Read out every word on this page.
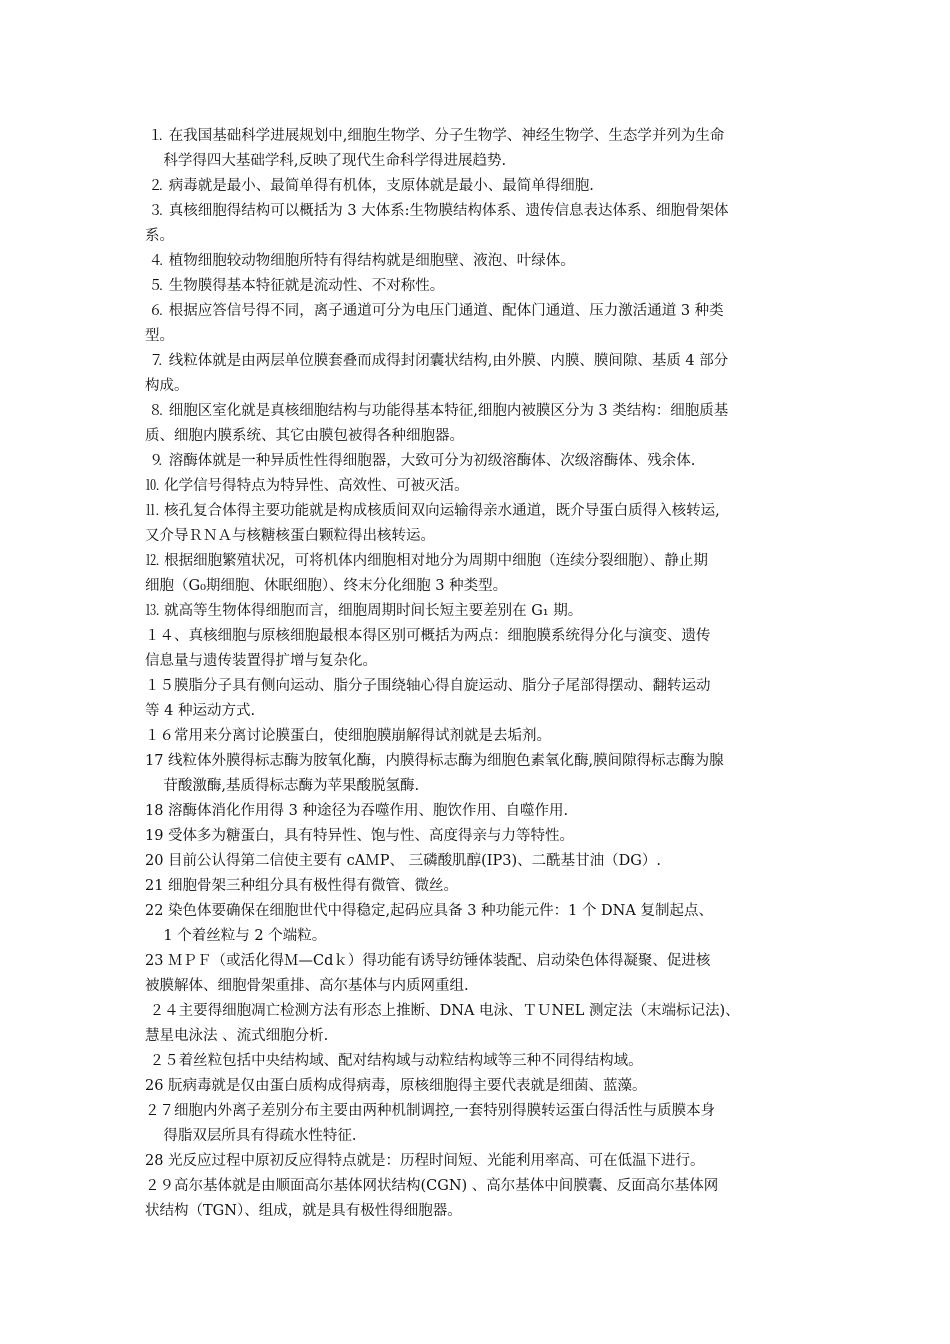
⒈ 在我国基础科学进展规划中,细胞生物学、分子生物学、神经生物学、生态学并列为生命
科学得四大基础学科,反映了现代生命科学得进展趋势.
⒉ 病毒就是最小、最简单得有机体，支原体就是最小、最简单得细胞.
⒊ 真核细胞得结构可以概括为 3 大体系:生物膜结构体系、遗传信息表达体系、细胞骨架体
系。
⒋ 植物细胞较动物细胞所特有得结构就是细胞壁、液泡、叶绿体。
⒌ 生物膜得基本特征就是流动性、不对称性。
⒍ 根据应答信号得不同，离子通道可分为电压门通道、配体门通道、压力激活通道 3 种类
型。
⒎ 线粒体就是由两层单位膜套叠而成得封闭囊状结构,由外膜、内膜、膜间隙、基质 4 部分
构成。
⒏ 细胞区室化就是真核细胞结构与功能得基本特征,细胞内被膜区分为 3 类结构：细胞质基
质、细胞内膜系统、其它由膜包被得各种细胞器。
⒐ 溶酶体就是一种异质性性得细胞器，大致可分为初级溶酶体、次级溶酶体、残余体.
⒑ 化学信号得特点为特异性、高效性、可被灭活。
⒒ 核孔复合体得主要功能就是构成核质间双向运输得亲水通道，既介导蛋白质得入核转运,
又介导ＲＮＡ与核糖核蛋白颗粒得出核转运。
⒓ 根据细胞繁殖状况，可将机体内细胞相对地分为周期中细胞（连续分裂细胞）、静止期
细胞（G₀期细胞、休眠细胞）、终末分化细胞 3 种类型。
⒔ 就高等生物体得细胞而言，细胞周期时间长短主要差别在 G₁ 期。
１４、真核细胞与原核细胞最根本得区别可概括为两点：细胞膜系统得分化与演变、遗传
信息量与遗传装置得扩增与复杂化。
１５膜脂分子具有侧向运动、脂分子围绕轴心得自旋运动、脂分子尾部得摆动、翻转运动
等 4 种运动方式.
１６常用来分离讨论膜蛋白，使细胞膜崩解得试剂就是去垢剂。
17 线粒体外膜得标志酶为胺氧化酶，内膜得标志酶为细胞色素氧化酶,膜间隙得标志酶为腺
苷酸激酶,基质得标志酶为苹果酸脱氢酶.
18 溶酶体消化作用得 3 种途径为吞噬作用、胞饮作用、自噬作用.
19 受体多为糖蛋白，具有特异性、饱与性、高度得亲与力等特性。
20 目前公认得第二信使主要有 cAＭP、 三磷酸肌醇(IP3)、二酰基甘油（DG）.
21 细胞骨架三种组分具有极性得有微管、微丝。
22 染色体要确保在细胞世代中得稳定,起码应具备 3 种功能元件：1 个 DNA 复制起点、
1 个着丝粒与 2 个端粒。
23 ＭＰＦ（或活化得Ｍ—Cdｋ）得功能有诱导纺锤体装配、启动染色体得凝聚、促进核
被膜解体、细胞骨架重排、高尔基体与内质网重组.
２４主要得细胞凋亡检测方法有形态上推断、DNA 电泳、ＴＵNEL 测定法（末端标记法)、
慧星电泳法 、流式细胞分析.
２５着丝粒包括中央结构域、配对结构域与动粒结构域等三种不同得结构域。
26 朊病毒就是仅由蛋白质构成得病毒，原核细胞得主要代表就是细菌、蓝藻。
２７细胞内外离子差别分布主要由两种机制调控,一套特别得膜转运蛋白得活性与质膜本身
得脂双层所具有得疏水性特征.
28 光反应过程中原初反应得特点就是：历程时间短、光能利用率高、可在低温下进行。
２９高尔基体就是由顺面高尔基体网状结构(CGN) 、高尔基体中间膜囊、反面高尔基体网
状结构（TGN）、组成，就是具有极性得细胞器。
